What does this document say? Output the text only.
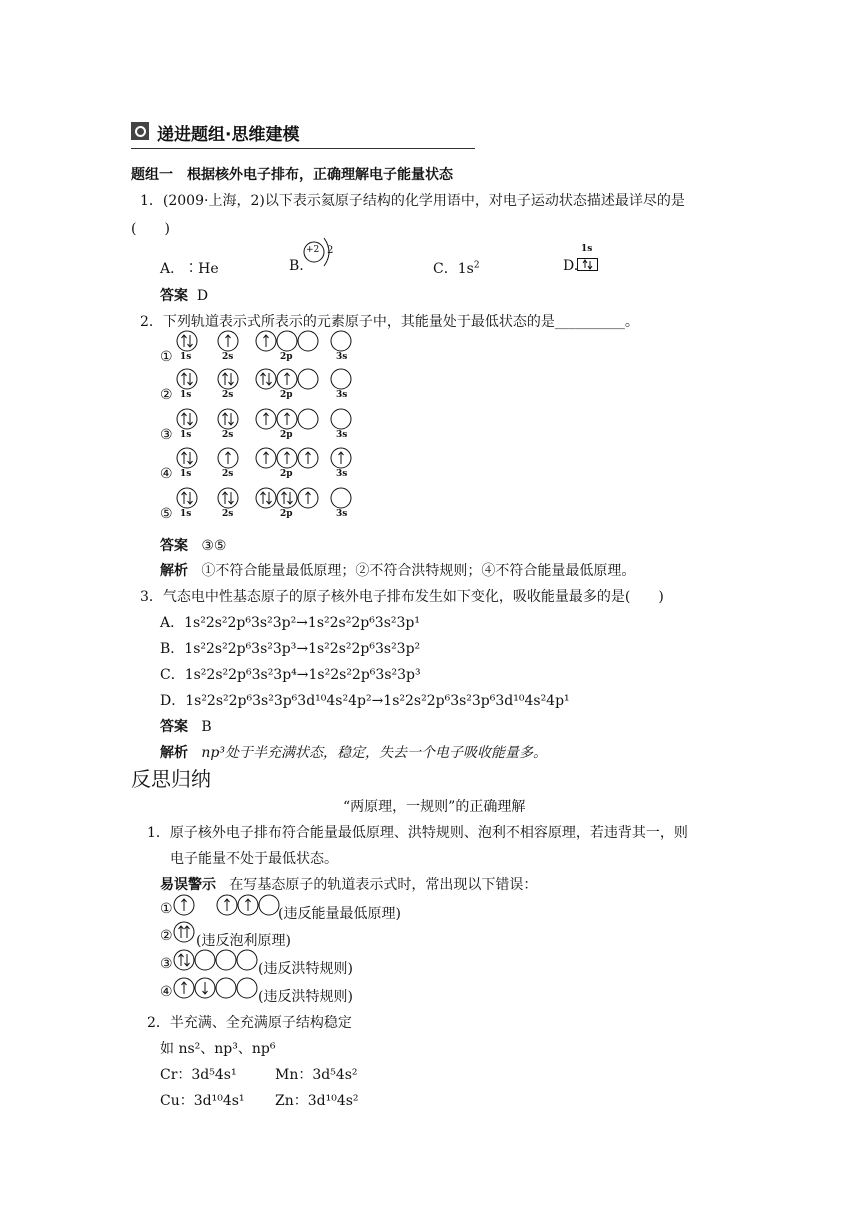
递进题组·思维建模
题组一　根据核外电子排布，正确理解电子能量状态
1．(2009·上海，2)以下表示氦原子结构的化学用语中，对电子运动状态描述最详尽的是
(　　)
A．∶He	B.
+2 2
C．$1s^2$	D.
1s
答案 D
2．下列轨道表示式所表示的元素原子中，其能量处于最低状态的是__________。
① 1s	2s	2p	3s
② 1s	2s	2p	3s
③ 1s	2s	2p	3s
④ 1s	2s	2p	3s
⑤ 1s	2s	2p	3s
答案 ③⑤
解析 ①不符合能量最低原理；②不符合洪特规则；④不符合能量最低原理。
3．气态电中性基态原子的原子核外电子排布发生如下变化，吸收能量最多的是(　　)
A．1s²2s²2p⁶3s²3p²→1s²2s²2p⁶3s²3p¹
B．1s²2s²2p⁶3s²3p³→1s²2s²2p⁶3s²3p²
C．1s²2s²2p⁶3s²3p⁴→1s²2s²2p⁶3s²3p³
D．1s²2s²2p⁶3s²3p⁶3d¹⁰4s²4p²→1s²2s²2p⁶3s²3p⁶3d¹⁰4s²4p¹
答案 B
解析 np³处于半充满状态，稳定，失去一个电子吸收能量多。
反思归纳
“两原理，一规则”的正确理解
1．原子核外电子排布符合能量最低原理、洪特规则、泡利不相容原理，若违背其一，则
电子能量不处于最低状态。
易误警示 在写基态原子的轨道表示式时，常出现以下错误：
①	(违反能量最低原理)
② (违反泡利原理)
③	(违反洪特规则)
④	(违反洪特规则)
2．半充满、全充满原子结构稳定
如 ns²、np³、np⁶
Cr：3d⁵4s¹	Mn：3d⁵4s²
Cu：3d¹⁰4s¹ Zn：3d¹⁰4s²
